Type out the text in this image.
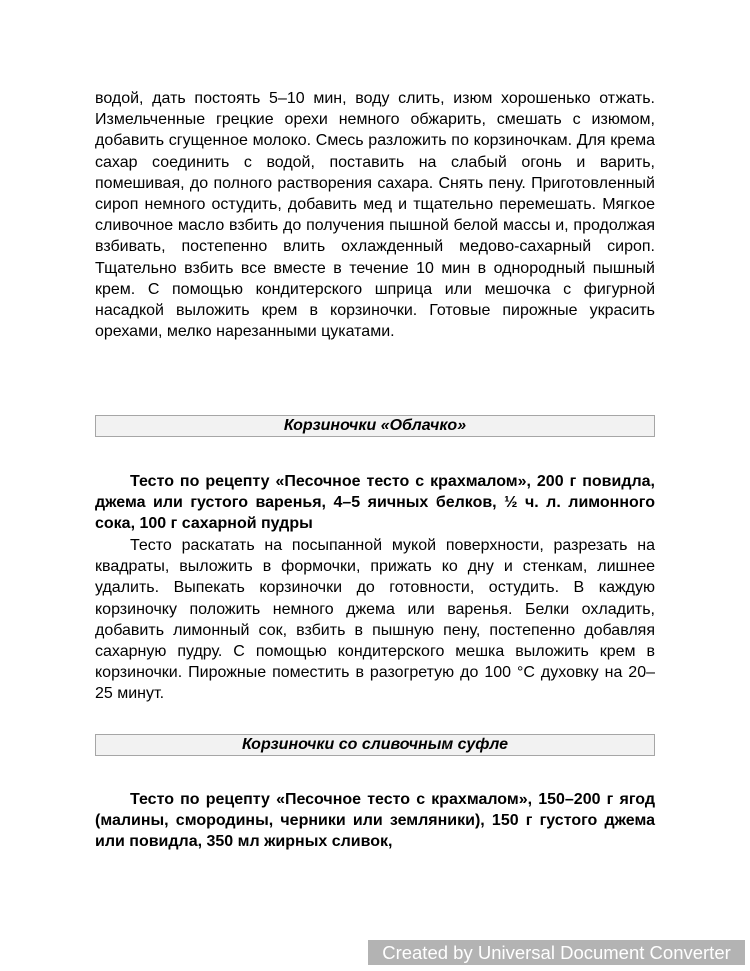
водой, дать постоять 5–10 мин, воду слить, изюм хорошенько отжать. Измельченные грецкие орехи немного обжарить, смешать с изюмом, добавить сгущенное молоко. Смесь разложить по корзиночкам. Для крема сахар соединить с водой, поставить на слабый огонь и варить, помешивая, до полного растворения сахара. Снять пену. Приготовленный сироп немного остудить, добавить мед и тщательно перемешать. Мягкое сливочное масло взбить до получения пышной белой массы и, продолжая взбивать, постепенно влить охлажденный медово-сахарный сироп. Тщательно взбить все вместе в течение 10 мин в однородный пышный крем. С помощью кондитерского шприца или мешочка с фигурной насадкой выложить крем в корзиночки. Готовые пирожные украсить орехами, мелко нарезанными цукатами.
Корзиночки «Облачко»
Тесто по рецепту «Песочное тесто с крахмалом», 200 г повидла, джема или густого варенья, 4–5 яичных белков, ½ ч. л. лимонного сока, 100 г сахарной пудры
Тесто раскатать на посыпанной мукой поверхности, разрезать на квадраты, выложить в формочки, прижать ко дну и стенкам, лишнее удалить. Выпекать корзиночки до готовности, остудить. В каждую корзиночку положить немного джема или варенья. Белки охладить, добавить лимонный сок, взбить в пышную пену, постепенно добавляя сахарную пудру. С помощью кондитерского мешка выложить крем в корзиночки. Пирожные поместить в разогретую до 100 °С духовку на 20–25 минут.
Корзиночки со сливочным суфле
Тесто по рецепту «Песочное тесто с крахмалом», 150–200 г ягод (малины, смородины, черники или земляники), 150 г густого джема или повидла, 350 мл жирных сливок,
Created by Universal Document Converter
